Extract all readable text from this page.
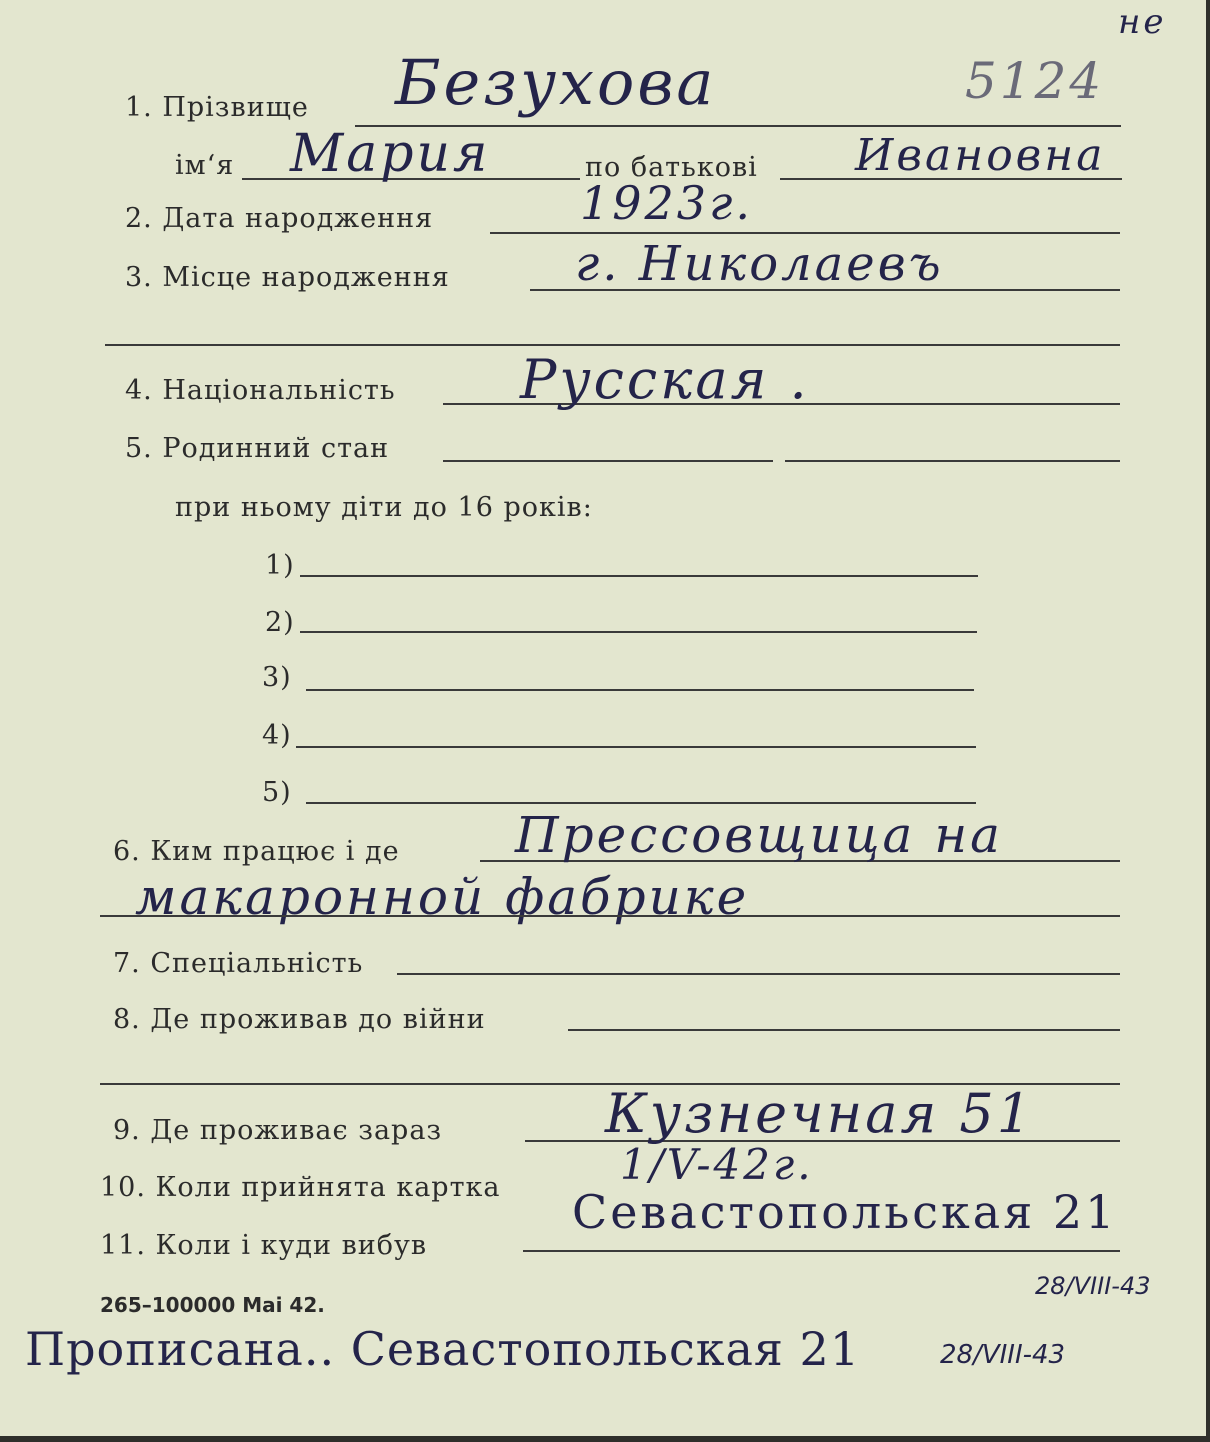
не
1. Прізвище Безухова	5124
ім‘я Мария	по батькові Ивановна
2. Дата народження	1923г.
3. Місце народження	г. Николаевъ
4. Національність Русская .
5. Родинний стан
при ньому діти до 16 років:
1)
2)
3)
4)
5)
6. Ким працює і де Прессовщица на
макаронной фабрике
7. Спеціальність
8. Де проживав до війни
9. Де проживає зараз	Кузнечная 51
10. Коли прийнята картка	1/V-42г.
11. Коли і куди вибув
Севастопольская 21
28/VIII-43
265–100000 Mai 42.
Прописана.. Севастопольская 21	28/VIII-43
